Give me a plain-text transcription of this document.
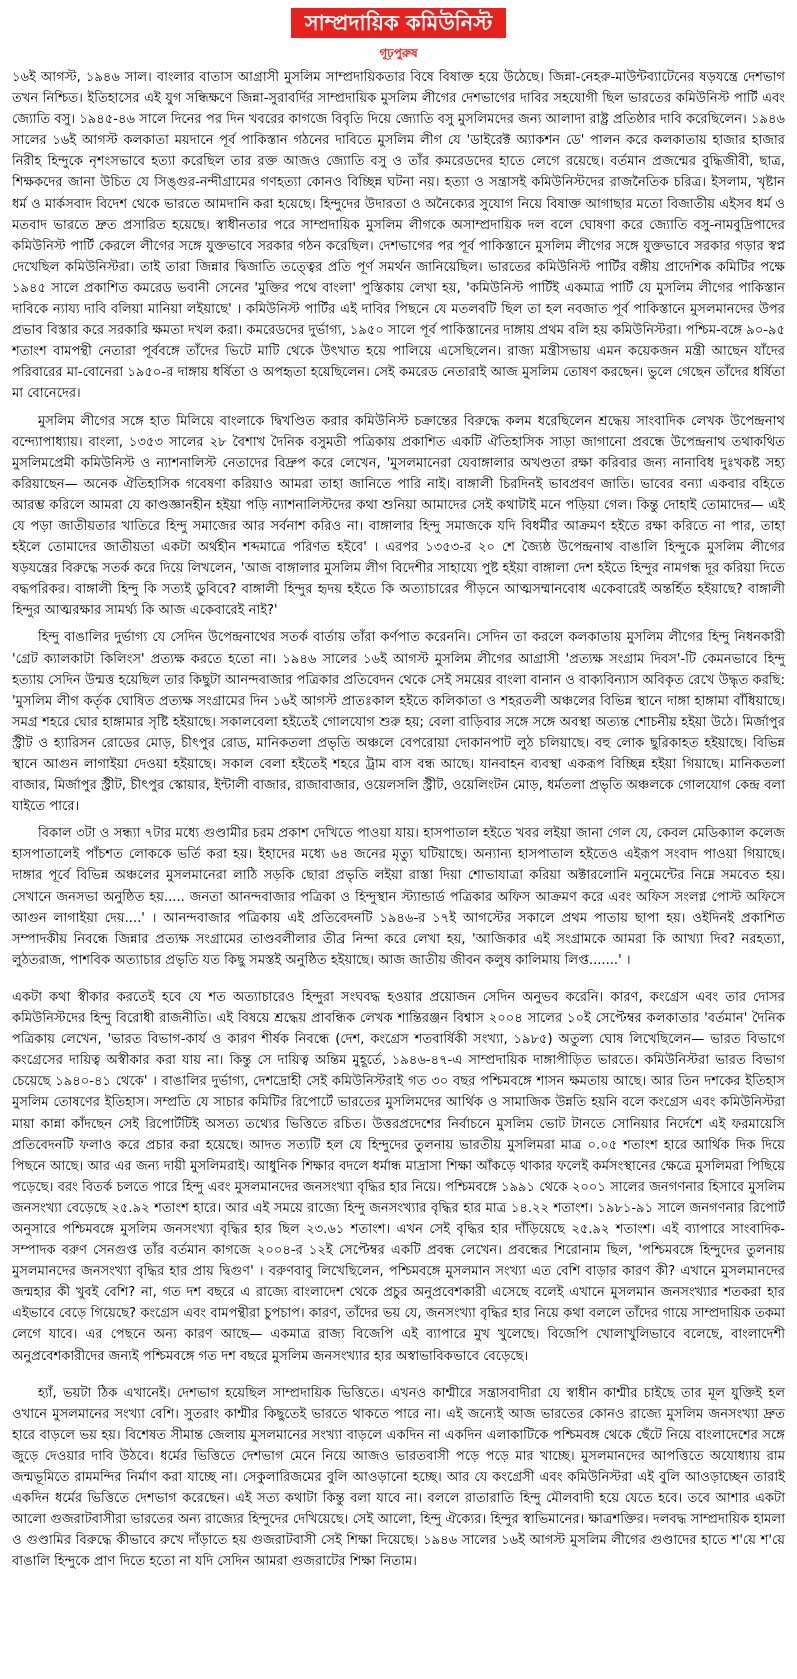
সাম্প্রদায়িক কমিউনিস্ট
গূঢ়পুরুষ

১৬ই আগস্ট, ১৯৪৬ সাল। বাংলার বাতাস আগ্রাসী মুসলিম সাম্প্রদায়িকতার বিষে বিষাক্ত হয়ে উঠেছে। জিন্না-নেহরু-মাউন্টব্যাটেনের ষড়যন্ত্রে দেশভাগ তখন নিশ্চিত। ইতিহাসের এই যুগ সন্ধিক্ষণে জিন্না-সুরাবর্দির সাম্প্রদায়িক মুসলিম লীগের দেশভাগের দাবির সহযোগী ছিল ভারতের কমিউনিস্ট পার্টি এবং জ্যোতি বসু। ১৯৪৫-৪৬ সালে দিনের পর দিন খবরের কাগজে বিবৃতি দিয়ে জ্যোতি বসু মুসলিমদের জন্য আলাদা রাষ্ট্র প্রতিষ্ঠার দাবি করেছিলেন। ১৯৪৬ সালের ১৬ই আগস্ট কলকাতা ময়দানে পূর্ব পাকিস্তান গঠনের দাবিতে মুসলিম লীগ যে 'ডাইরেক্ট অ্যাকশন ডে' পালন করে কলকাতায় হাজার হাজার নিরীহ হিন্দুকে নৃশংসভাবে হত্যা করেছিল তার রক্ত আজও জ্যোতি বসু ও তাঁর কমরেডদের হাতে লেগে রয়েছে। বর্তমান প্রজন্মের বুদ্ধিজীবী, ছাত্র, শিক্ষকদের জানা উচিত যে সিঙ্গুর-নন্দীগ্রামের গণহত্যা কোনও বিচ্ছিন্ন ঘটনা নয়। হত্যা ও সন্ত্রাসই কমিউনিস্টদের রাজনৈতিক চরিত্র। ইসলাম, খৃষ্টান ধর্ম ও মার্কসবাদ বিদেশ থেকে ভারতে আমদানি করা হয়েছে। হিন্দুদের উদারতা ও অনৈক্যের সুযোগ নিয়ে বিষাক্ত আগাছার মতো বিজাতীয় এইসব ধর্ম ও মতবাদ ভারতে দ্রুত প্রসারিত হয়েছে। স্বাধীনতার পরে সাম্প্রদায়িক মুসলিম লীগকে অসাম্প্রদায়িক দল বলে ঘোষণা করে জ্যোতি বসু-নামবুদ্রিপাদের কমিউনিস্ট পার্টি কেরলে লীগের সঙ্গে যুক্তভাবে সরকার গঠন করেছিল। দেশভাগের পর পূর্ব পাকিস্তানে মুসলিম লীগের সঙ্গে যুক্তভাবে সরকার গড়ার স্বপ্ন দেখেছিল কমিউনিস্টরা। তাই তারা জিন্নার দ্বিজাতি তত্ত্বের প্রতি পূর্ণ সমর্থন জানিয়েছিল। ভারতের কমিউনিস্ট পার্টির বঙ্গীয় প্রাদেশিক কমিটির পক্ষে ১৯৪৫ সালে প্রকাশিত কমরেড ভবানী সেনের 'মুক্তির পথে বাংলা' পুস্তিকায় লেখা হয়, 'কমিউনিস্ট পার্টিই একমাত্র পার্টি যে মুসলিম লীগের পাকিস্তান দাবিকে ন্যায্য দাবি বলিয়া মানিয়া লইয়াছে' । কমিউনিস্ট পার্টির এই দাবির পিছনে যে মতলবটি ছিল তা হল নবজাত পূর্ব পাকিস্তানে মুসলমানদের উপর প্রভাব বিস্তার করে সরকারি ক্ষমতা দখল করা। কমরেডদের দুর্ভাগ্য, ১৯৫০ সালে পূর্ব পাকিস্তানের দাঙ্গায় প্রথম বলি হয় কমিউনিস্টরা। পশ্চিম-বঙ্গে ৯০-৯৫ শতাংশ বামপন্থী নেতারা পূর্ববঙ্গে তাঁদের ভিটে মাটি থেকে উৎখাত হয়ে পালিয়ে এসেছিলেন। রাজ্য মন্ত্রীসভায় এমন কয়েকজন মন্ত্রী আছেন যাঁদের পরিবারের মা-বোনেরা ১৯৫০-র দাঙ্গায় ধর্ষিতা ও অপহৃতা হয়েছিলেন। সেই কমরেড নেতারাই আজ মুসলিম তোষণ করছেন। ভুলে গেছেন তাঁদের ধর্ষিতা মা বোনেদের।

মুসলিম লীগের সঙ্গে হাত মিলিয়ে বাংলাকে দ্বিখণ্ডিত করার কমিউনিস্ট চক্রান্তের বিরুদ্ধে কলম ধরেছিলেন শ্রদ্ধেয় সাংবাদিক লেখক উপেন্দ্রনাথ বন্দ্যোপাধ্যায়। বাংলা, ১৩৫৩ সালের ২৮ বৈশাখ দৈনিক বসুমতী পত্রিকায় প্রকাশিত একটি ঐতিহাসিক সাড়া জাগানো প্রবন্ধে উপেন্দ্রনাথ তথাকথিত মুসলিমপ্রেমী কমিউনিস্ট ও ন্যাশনালিস্ট নেতাদের বিদ্রুপ করে লেখেন, 'মুসলমানেরা যেবাঙ্গালার অখণ্ডতা রক্ষা করিবার জন্য নানাবিধ দুঃখকষ্ট সহ্য করিয়াছেন— অনেক ঐতিহাসিক গবেষণা করিয়াও আমরা তাহা জানিতে পারি নাই। বাঙ্গালী চিরদিনই ভাবপ্রবণ জাতি। ভাবের বন্যা একবার বহিতে আরম্ভ করিলে আমরা যে কাণ্ডজ্ঞানহীন হইয়া পড়ি ন্যাশনালিস্টদের কথা শুনিয়া আমাদের সেই কথাটাই মনে পড়িয়া গেল। কিন্তু দোহাই তোমাদের— এই যে পড়া জাতীয়তার খাতিরে হিন্দু সমাজের আর সর্বনাশ করিও না। বাঙ্গালার হিন্দু সমাজকে যদি বিধর্মীর আক্রমণ হইতে রক্ষা করিতে না পার, তাহা হইলে তোমাদের জাতীয়তা একটা অর্থহীন শব্দমাত্রে পরিণত হইবে' । এরপর ১৩৫৩-র ২০ শে জ্যৈষ্ঠ উপেন্দ্রনাথ বাঙালি হিন্দুকে মুসলিম লীগের ষড়যন্ত্রের বিরুদ্ধে সতর্ক করে দিয়ে লিখলেন, 'আজ বাঙ্গালার মুসলিম লীগ বিদেশীর সাহায্যে পুষ্ট হইয়া বাঙ্গালা দেশ হইতে হিন্দুর নামগন্ধ দূর করিয়া দিতে বদ্ধপরিকর। বাঙ্গালী হিন্দু কি সত্যই ডুবিবে? বাঙ্গালী হিন্দুর হৃদয় হইতে কি অত্যাচারের পীড়নে আত্মসম্মানবোধ একেবারেই অন্তর্হিত হইয়াছে? বাঙ্গালী হিন্দুর আত্মরক্ষার সামর্থ্য কি আজ একেবারেই নাই?'

হিন্দু বাঙালির দুর্ভাগ্য যে সেদিন উপেন্দ্রনাথের সতর্ক বার্তায় তাঁরা কর্ণপাত করেননি। সেদিন তা করলে কলকাতায় মুসলিম লীগের হিন্দু নিধনকারী 'গ্রেট ক্যালকাটা কিলিংস' প্রত্যক্ষ করতে হতো না। ১৯৪৬ সালের ১৬ই আগস্ট মুসলিম লীগের আগ্রাসী 'প্রত্যক্ষ সংগ্রাম দিবস'-টি কেমনভাবে হিন্দু হত্যায় সেদিন উন্মত্ত হয়েছিল তার কিছুটা আনন্দবাজার পত্রিকার প্রতিবেদন থেকে সেই সময়ের বাংলা বানান ও বাক্যবিন্যাস অবিকৃত রেখে উদ্ধৃত করছি: 'মুসলিম লীগ কর্তৃক ঘোষিত প্রত্যক্ষ সংগ্রামের দিন ১৬ই আগস্ট প্রাতঃকাল হইতে কলিকাতা ও শহরতলী অঞ্চলের বিভিন্ন স্থানে দাঙ্গা হাঙ্গামা বাঁধিয়াছে। সমগ্র শহরে ঘোর হাঙ্গামার সৃষ্টি হইয়াছে। সকালবেলা হইতেই গোলযোগ শুরু হয়; বেলা বাড়িবার সঙ্গে সঙ্গে অবস্থা অত্যন্ত শোচনীয় হইয়া উঠে। মির্জাপুর স্ট্রীট ও হ্যারিসন রোডের মোড়, চীৎপুর রোড, মানিকতলা প্রভৃতি অঞ্চলে বেপরোয়া দোকানপাট লুঠ চলিয়াছে। বহু লোক ছুরিকাহত হইয়াছে। বিভিন্ন স্থানে আগুন লাগাইয়া দেওয়া হইয়াছে। সকাল বেলা হইতেই শহরে ট্রাম বাস বন্ধ আছে। যানবাহন ব্যবস্থা একরূপ বিচ্ছিন্ন হইয়া গিয়াছে। মানিকতলা বাজার, মির্জাপুর স্ট্রীট, চীৎপুর স্কোয়ার, ইন্টালী বাজার, রাজাবাজার, ওয়েলসলি স্ট্রীট, ওয়েলিংটন মোড়, ধর্মতলা প্রভৃতি অঞ্চলকে গোলযোগ কেন্দ্র বলা যাইতে পারে।

বিকাল ৩টা ও সন্ধ্যা ৭টার মধ্যে গুণ্ডামীর চরম প্রকাশ দেখিতে পাওয়া যায়। হাসপাতাল হইতে খবর লইয়া জানা গেল যে, কেবল মেডিক্যাল কলেজ হাসপাতালেই পাঁচশত লোককে ভর্তি করা হয়। ইহাদের মধ্যে ৬৪ জনের মৃত্যু ঘটিয়াছে। অন্যান্য হাসপাতাল হইতেও এইরূপ সংবাদ পাওয়া গিয়াছে। দাঙ্গার পূর্বে বিভিন্ন অঞ্চলের মুসলমানেরা লাঠি সড়কি ছোরা প্রভৃতি লইয়া রাস্তা দিয়া শোভাযাত্রা করিয়া অক্টারলোনি মনুমেন্টের নিম্নে সমবেত হয়। সেখানে জনসভা অনুষ্ঠিত হয়..... জনতা আনন্দবাজার পত্রিকা ও হিন্দুস্থান স্ট্যান্ডার্ড পত্রিকার অফিস আক্রমণ করে এবং অফিস সংলগ্ন পোস্ট অফিসে আগুন লাগাইয়া দেয়....' । আনন্দবাজার পত্রিকায় এই প্রতিবেদনটি ১৯৪৬-র ১৭ই আগস্টের সকালে প্রথম পাতায় ছাপা হয়। ওইদিনই প্রকাশিত সম্পাদকীয় নিবন্ধে জিন্নার প্রত্যক্ষ সংগ্রামের তাণ্ডবলীলার তীব্র নিন্দা করে লেখা হয়, 'আজিকার এই সংগ্রামকে আমরা কি আখ্যা দিব? নরহত্যা, লুঠতরাজ, পাশবিক অত্যাচার প্রভৃতি যত কিছু সমস্তই অনুষ্ঠিত হইয়াছে। আজ জাতীয় জীবন কলুষ কালিমায় লিপ্ত.......' ।

একটা কথা স্বীকার করতেই হবে যে শত অত্যাচারেও হিন্দুরা সংঘবদ্ধ হওয়ার প্রয়োজন সেদিন অনুভব করেনি। কারণ, কংগ্রেস এবং তার দোসর কমিউনিস্টদের হিন্দু বিরোধী রাজনীতি। এই বিষয়ে শ্রদ্ধেয় প্রাবন্ধিক লেখক শান্তিরঞ্জন বিশ্বাস ২০০৪ সালের ১০ই সেপ্টেম্বর কলকাতার 'বর্তমান' দৈনিক পত্রিকায় লেখেন, 'ভারত বিভাগ-কার্য ও কারণ শীর্ষক নিবন্ধে (দেশ, কংগ্রেস শতবার্ষিকী সংখ্যা, ১৯৮৫) অতুল্য ঘোষ লিখেছিলেন— ভারত বিভাগে কংগ্রেসের দায়িত্ব অস্বীকার করা যায় না। কিন্তু সে দায়িত্ব অন্তিম মুহূর্তে, ১৯৪৬-৪৭-এ সাম্প্রদায়িক দাঙ্গাপীড়িত ভারতে। কমিউনিস্টরা ভারত বিভাগ চেয়েছে ১৯৪০-৪১ থেকে' । বাঙালির দুর্ভাগ্য, দেশদ্রোহী সেই কমিউনিস্টরাই গত ৩০ বছর পশ্চিমবঙ্গে শাসন ক্ষমতায় আছে। আর তিন দশকের ইতিহাস মুসলিম তোষণের ইতিহাস। সম্প্রতি যে সাচার কমিটির রিপোর্টে ভারতের মুসলিমদের আর্থিক ও সামাজিক উন্নতি হয়নি বলে কংগ্রেস এবং কমিউনিস্টরা মায়া কান্না কাঁদছেন সেই রিপোর্টটিই অসত্য তথ্যের ভিত্তিতে রচিত। উত্তরপ্রদেশের নির্বাচনে মুসলিম ভোট টানতে সোনিয়ার নির্দেশে এই ফরমায়েসি প্রতিবেদনটি ফলাও করে প্রচার করা হয়েছে। আদত সত্যটি হল যে হিন্দুদের তুলনায় ভারতীয় মুসলিমরা মাত্র ০.০৫ শতাংশ হারে আর্থিক দিক দিয়ে পিছনে আছে। আর এর জন্য দায়ী মুসলিমরাই। আধুনিক শিক্ষার বদলে ধর্মান্ধ মাদ্রাসা শিক্ষা আঁকড়ে থাকার ফলেই কর্মসংস্থানের ক্ষেত্রে মুসলিমরা পিছিয়ে পড়েছে। বরং বিতর্ক চলতে পারে হিন্দু এবং মুসলমানদের জনসংখ্যা বৃদ্ধির হার নিয়ে। পশ্চিমবঙ্গে ১৯৯১ থেকে ২০০১ সালের জনগণনার হিসাবে মুসলিম জনসংখ্যা বেড়েছে ২৫.৯২ শতাংশ হারে। আর এই সময়ে রাজ্যে হিন্দু জনসংখ্যার বৃদ্ধির হার মাত্র ১৪.২২ শতাংশ। ১৯৮১-৯১ সালে জনগণনার রিপোর্ট অনুসারে পশ্চিমবঙ্গে মুসলিম জনসংখ্যা বৃদ্ধির হার ছিল ২৩.৬১ শতাংশ। এখন সেই বৃদ্ধির হার দাঁড়িয়েছে ২৫.৯২ শতাংশ। এই ব্যাপারে সাংবাদিক-সম্পাদক বরুণ সেনগুপ্ত তাঁর বর্তমান কাগজে ২০০৪-র ১২ই সেপ্টেম্বর একটি প্রবন্ধ লেখেন। প্রবন্ধের শিরোনাম ছিল, 'পশ্চিমবঙ্গে হিন্দুদের তুলনায় মুসলমানদের জনসংখ্যা বৃদ্ধির হার প্রায় দ্বিগুণ' । বরুণবাবু লিখেছিলেন, পশ্চিমবঙ্গে মুসলমান সংখ্যা এত বেশি বাড়ার কারণ কী? এখানে মুসলমানদের জন্মহার কী খুবই বেশি? না, গত দশ বছরে এ রাজ্যে বাংলাদেশ থেকে প্রচুর অনুপ্রবেশকারী এসেছে বলেই এখানে মুসলমান জনসংখ্যার শতকরা হার এইভাবে বেড়ে গিয়েছে? কংগ্রেস এবং বামপন্থীরা চুপচাপ। কারণ, তাঁদের ভয় যে, জনসংখ্যা বৃদ্ধির হার নিয়ে কথা বললে তাঁদের গায়ে সাম্প্রদায়িক তকমা লেগে যাবে। এর পেছনে অন্য কারণ আছে— একমাত্র রাজ্য বিজেপি এই ব্যাপারে মুখ খুলেছে। বিজেপি খোলাখুলিভাবে বলেছে, বাংলাদেশী অনুপ্রবেশকারীদের জন্যই পশ্চিমবঙ্গে গত দশ বছরে মুসলিম জনসংখ্যার হার অস্বাভাবিকভাবে বেড়েছে।

হ্যাঁ, ভয়টা ঠিক এখানেই। দেশভাগ হয়েছিল সাম্প্রদায়িক ভিত্তিতে। এখনও কাশ্মীরে সন্ত্রাসবাদীরা যে স্বাধীন কাশ্মীর চাইছে তার মূল যুক্তিই হল ওখানে মুসলমানের সংখ্যা বেশি। সুতরাং কাশ্মীর কিছুতেই ভারতে থাকতে পারে না। এই জন্যেই আজ ভারতের কোনও রাজ্যে মুসলিম জনসংখ্যা দ্রুত হারে বাড়লে ভয় হয়। বিশেষত সীমান্ত জেলায় মুসলমানের সংখ্যা বাড়লে একদিন না একদিন এলাকাটিকে পশ্চিমবঙ্গ থেকে ছেঁটে নিয়ে বাংলাদেশের সঙ্গে জুড়ে দেওয়ার দাবি উঠবে। ধর্মের ভিত্তিতে দেশভাগ মেনে নিয়ে আজও ভারতবাসী পড়ে পড়ে মার খাচ্ছে। মুসলমানদের আপত্তিতে অযোধ্যায় রাম জন্মভূমিতে রামমন্দির নির্মাণ করা যাচ্ছে না। সেকুলারিজমের বুলি আওড়ানো হচ্ছে। আর যে কংগ্রেসী এবং কমিউনিস্টরা এই বুলি আওড়াচ্ছেন তারাই একদিন ধর্মের ভিত্তিতে দেশভাগ করেছেন। এই সত্য কথাটা কিন্তু বলা যাবে না। বললে রাতারাতি হিন্দু মৌলবাদী হয়ে যেতে হবে। তবে আশার একটা আলো গুজরাটবাসীরা ভারতের অন্য রাজ্যের হিন্দুদের দেখিয়েছে। সেই আলো, হিন্দু ঐক্যের। হিন্দুর স্বাভিমানের। ক্ষাত্রশক্তির। দলবদ্ধ সাম্প্রদায়িক হামলা ও গুণ্ডামির বিরুদ্ধে কীভাবে রুখে দাঁড়াতে হয় গুজরাটবাসী সেই শিক্ষা দিয়েছে। ১৯৪৬ সালের ১৬ই আগস্ট মুসলিম লীগের গুণ্ডাদের হাতে শ'য়ে শ'য়ে বাঙালি হিন্দুকে প্রাণ দিতে হতো না যদি সেদিন আমরা গুজরাটের শিক্ষা নিতাম।
